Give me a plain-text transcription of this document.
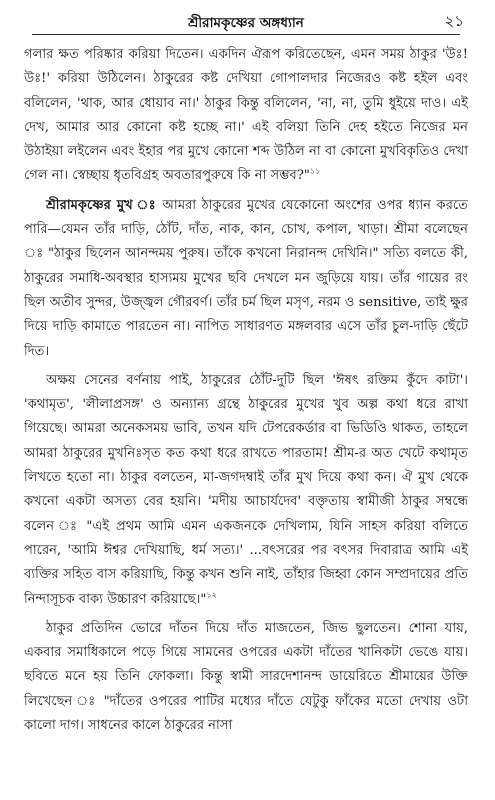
শ্রীরামকৃষ্ণের অঙ্গধ্যান	২১

গলার ক্ষত পরিষ্কার করিয়া দিতেন। একদিন ঐরূপ করিতেছেন, এমন সময় ঠাকুর 'উঃ! উঃ!' করিয়া উঠিলেন। ঠাকুরের কষ্ট দেখিয়া গোপালদার নিজেরও কষ্ট হইল এবং বলিলেন, 'থাক, আর ধোয়াব না।' ঠাকুর কিন্তু বলিলেন, 'না, না, তুমি ধুইয়ে দাও। এই দেখ, আমার আর কোনো কষ্ট হচ্ছে না।' এই বলিয়া তিনি দেহ হইতে নিজের মন উঠাইয়া লইলেন এবং ইহার পর মুখে কোনো শব্দ উঠিল না বা কোনো মুখবিকৃতিও দেখা গেল না। স্বেচ্ছায় ধৃতবিগ্রহ অবতারপুরুষে কি না সম্ভব?"$^{১১}$

শ্রীরামকৃষ্ণের মুখ ঃ আমরা ঠাকুরের মুখের যেকোনো অংশের ওপর ধ্যান করতে পারি—যেমন তাঁর দাড়ি, ঠোঁট, দাঁত, নাক, কান, চোখ, কপাল, খাড়া। শ্রীমা বলেছেন ঃ "ঠাকুর ছিলেন আনন্দময় পুরুষ। তাঁকে কখনো নিরানন্দ দেখিনি।" সত্যি বলতে কী, ঠাকুরের সমাধি-অবস্থার হাস্যময় মুখের ছবি দেখলে মন জুড়িয়ে যায়। তাঁর গায়ের রং ছিল অতীব সুন্দর, উজ্জ্বল গৌরবর্ণ। তাঁর চর্ম ছিল মসৃণ, নরম ও sensitive, তাই ক্ষুর দিয়ে দাড়ি কামাতে পারতেন না। নাপিত সাধারণত মঙ্গলবার এসে তাঁর চুল-দাড়ি ছেঁটে দিত।

অক্ষয় সেনের বর্ণনায় পাই, ঠাকুরের ঠোঁট-দুটি ছিল 'ঈষৎ রক্তিম কুঁদে কাটা'। 'কথামৃত', 'লীলাপ্রসঙ্গ' ও অন্যান্য গ্রন্থে ঠাকুরের মুখের খুব অল্প কথা ধরে রাখা গিয়েছে। আমরা অনেকসময় ভাবি, তখন যদি টেপরেকর্ডার বা ভিডিওি থাকত, তাহলে আমরা ঠাকুরের মুখনিঃসৃত কত কথা ধরে রাখতে পারতাম! শ্রীম-র অত খেটে কথামৃত লিখতে হতো না। ঠাকুর বলতেন, মা-জগদম্বাই তাঁর মুখ দিয়ে কথা কন। ঐ মুখ থেকে কখনো একটা অসত্য বের হয়নি। 'মদীয় আচার্যদেব' বক্তৃতায় স্বামীজী ঠাকুর সম্বন্ধে বলেন ঃ "এই প্রথম আমি এমন একজনকে দেখিলাম, যিনি সাহস করিয়া বলিতে পারেন, 'আমি ঈশ্বর দেখিয়াছি, ধর্ম সত্য।' ...বৎসরের পর বৎসর দিবারাত্র আমি এই ব্যক্তির সহিত বাস করিয়াছি, কিন্তু কখন শুনি নাই, তাঁহার জিহ্বা কোন সম্প্রদায়ের প্রতি নিন্দাসূচক বাক্য উচ্চারণ করিয়াছে।"$^{১২}$

ঠাকুর প্রতিদিন ভোরে দাঁতন দিয়ে দাঁত মাজতেন, জিভ ছুলতেন। শোনা যায়, একবার সমাধিকালে পড়ে গিয়ে সামনের ওপরের একটা দাঁতের খানিকটা ভেঙে যায়। ছবিতে মনে হয় তিনি ফোকলা। কিন্তু স্বামী সারদেশানন্দ ডায়েরিতে শ্রীমায়ের উক্তি লিখেছেন ঃ "দাঁতের ওপরের পাটির মধ্যের দাঁতে যেটুকু ফাঁকের মতো দেখায় ওটা কালো দাগ। সাধনের কালে ঠাকুরের নাসা
